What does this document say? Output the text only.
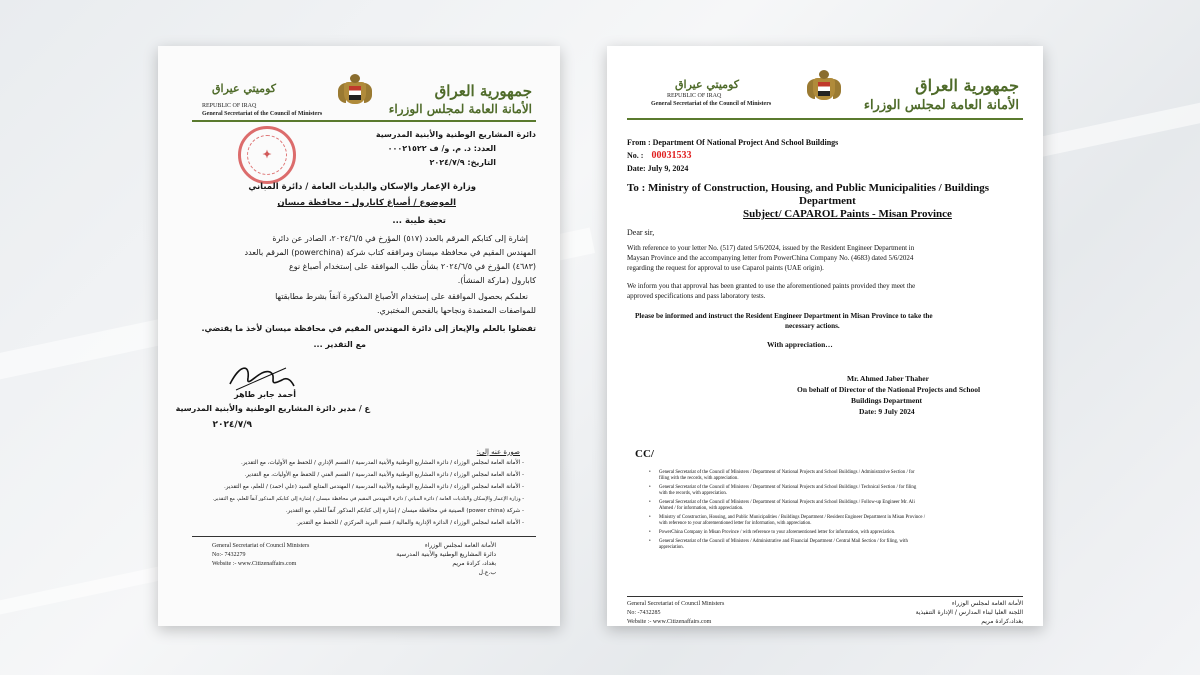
REPUBLIC OF IRAQ
General Secretariat of the Council of Ministers
كوميتي عيراق	جمهورية العراق
الأمانة العامة لمجلس الوزراء
✦
دائرة المشاريع الوطنية والأبنية المدرسية
العدد: د. م. و/ ف ٠٠٠٢١٥٢٢
التاريخ: ٢٠٢٤/٧/٩
وزارة الإعمار والإسكان والبلديات العامة / دائرة المباني
الموضوع / أصباغ كابارول – محافظة ميسان
تحية طيبة ...
إشارة إلى كتابكم المرقم بالعدد (٥١٧) المؤرخ في ٢٠٢٤/٦/٥، الصادر عن دائرة
المهندس المقيم في محافظة ميسان ومرافقه كتاب شركة (powerchina) المرقم بالعدد
(٤٦٨٣) المؤرخ في ٢٠٢٤/٦/٥ بشأن طلب الموافقة على إستخدام أصباغ نوع
كابارول (ماركة المنشأ).
نعلمكم بحصول الموافقة على إستخدام الأصباغ المذكورة آنفاً بشرط مطابقتها
للمواصفات المعتمدة ونجاحها بالفحص المختبري.
تفضلوا بالعلم والإيعاز إلى دائرة المهندس المقيم في محافظة ميسان لأخذ ما يقتضي.
مع التقدير ...
أحمد جابر طاهر
ع / مدير دائرة المشاريع الوطنية والأبنية المدرسية
٢٠٢٤/٧/٩
صورة عنه إلى:
- الأمانة العامة لمجلس الوزراء / دائرة المشاريع الوطنية والأبنية المدرسية / القسم الإداري / للحفظ مع الأوليات، مع التقدير.
- الأمانة العامة لمجلس الوزراء / دائرة المشاريع الوطنية والأبنية المدرسية / القسم الفني / للحفظ مع الأوليات، مع التقدير.
- الأمانة العامة لمجلس الوزراء / دائرة المشاريع الوطنية والأبنية المدرسية / المهندس المتابع السيد (علي احمد) / للعلم، مع التقدير.
- وزارة الإعمار والإسكان والبلديات العامة / دائرة المباني / دائرة المهندس المقيم في محافظة ميسان / إشارة إلى كتابكم المذكور آنفاً للعلم، مع التقدير.
- شركة (power china) الصينية في محافظة ميسان / إشارة إلى كتابكم المذكور آنفاً للعلم، مع التقدير.
- الأمانة العامة لمجلس الوزراء / الدائرة الإدارية والمالية / قسم البريد المركزي / للحفظ مع التقدير.
General Secretariat of Council Ministers
No:- 7432279
Website :- www.Citizenaffairs.com
الأمانة العامة لمجلس الوزراء
دائرة المشاريع الوطنية والأبنية المدرسية
بغداد، كرادة مريم
ب.ع.ل
كوميتي عيراق
REPUBLIC OF IRAQ
General Secretariat of the Council of Ministers
جمهورية العراق
الأمانة العامة لمجلس الوزراء
From : Department Of National Project And School Buildings
No. : 00031533
Date: July 9, 2024
To : Ministry of Construction, Housing, and Public Municipalities / Buildings
Department
Subject/ CAPAROL Paints - Misan Province
Dear sir,
With reference to your letter No. (517) dated 5/6/2024, issued by the Resident Engineer Department in
Maysan Province and the accompanying letter from PowerChina Company No. (4683) dated 5/6/2024
regarding the request for approval to use Caparol paints (UAE origin).
We inform you that approval has been granted to use the aforementioned paints provided they meet the
approved specifications and pass laboratory tests.
Please be informed and instruct the Resident Engineer Department in Misan Province to take the
necessary actions.
With appreciation…
Mr. Ahmed Jaber Thaher
On behalf of Director of the National Projects and School
Buildings Department
Date: 9 July 2024
CC/
• General Secretariat of the Council of Ministers / Department of National Projects and School Buildings / Administrative Section / for
filing with the records, with appreciation.
• General Secretariat of the Council of Ministers / Department of National Projects and School Buildings / Technical Section / for filing
with the records, with appreciation.
• General Secretariat of the Council of Ministers / Department of National Projects and School Buildings / Follow-up Engineer Mr. Ali
Ahmed / for information, with appreciation.
• Ministry of Construction, Housing, and Public Municipalities / Buildings Department / Resident Engineer Department in Misan Province /
with reference to your aforementioned letter for information, with appreciation.
• PowerChina Company in Misan Province / with reference to your aforementioned letter for information, with appreciation.
• General Secretariat of the Council of Ministers / Administrative and Financial Department / Central Mail Section / for filing, with
appreciation.
General Secretariat of Council Ministers
No: -7432285
Website :- www.Citizenaffairs.com
الأمانة العامة لمجلس الوزراء
اللجنة العليا لبناء المدارس / الإدارة التنفيذية
بغداد،كرادة مريم
